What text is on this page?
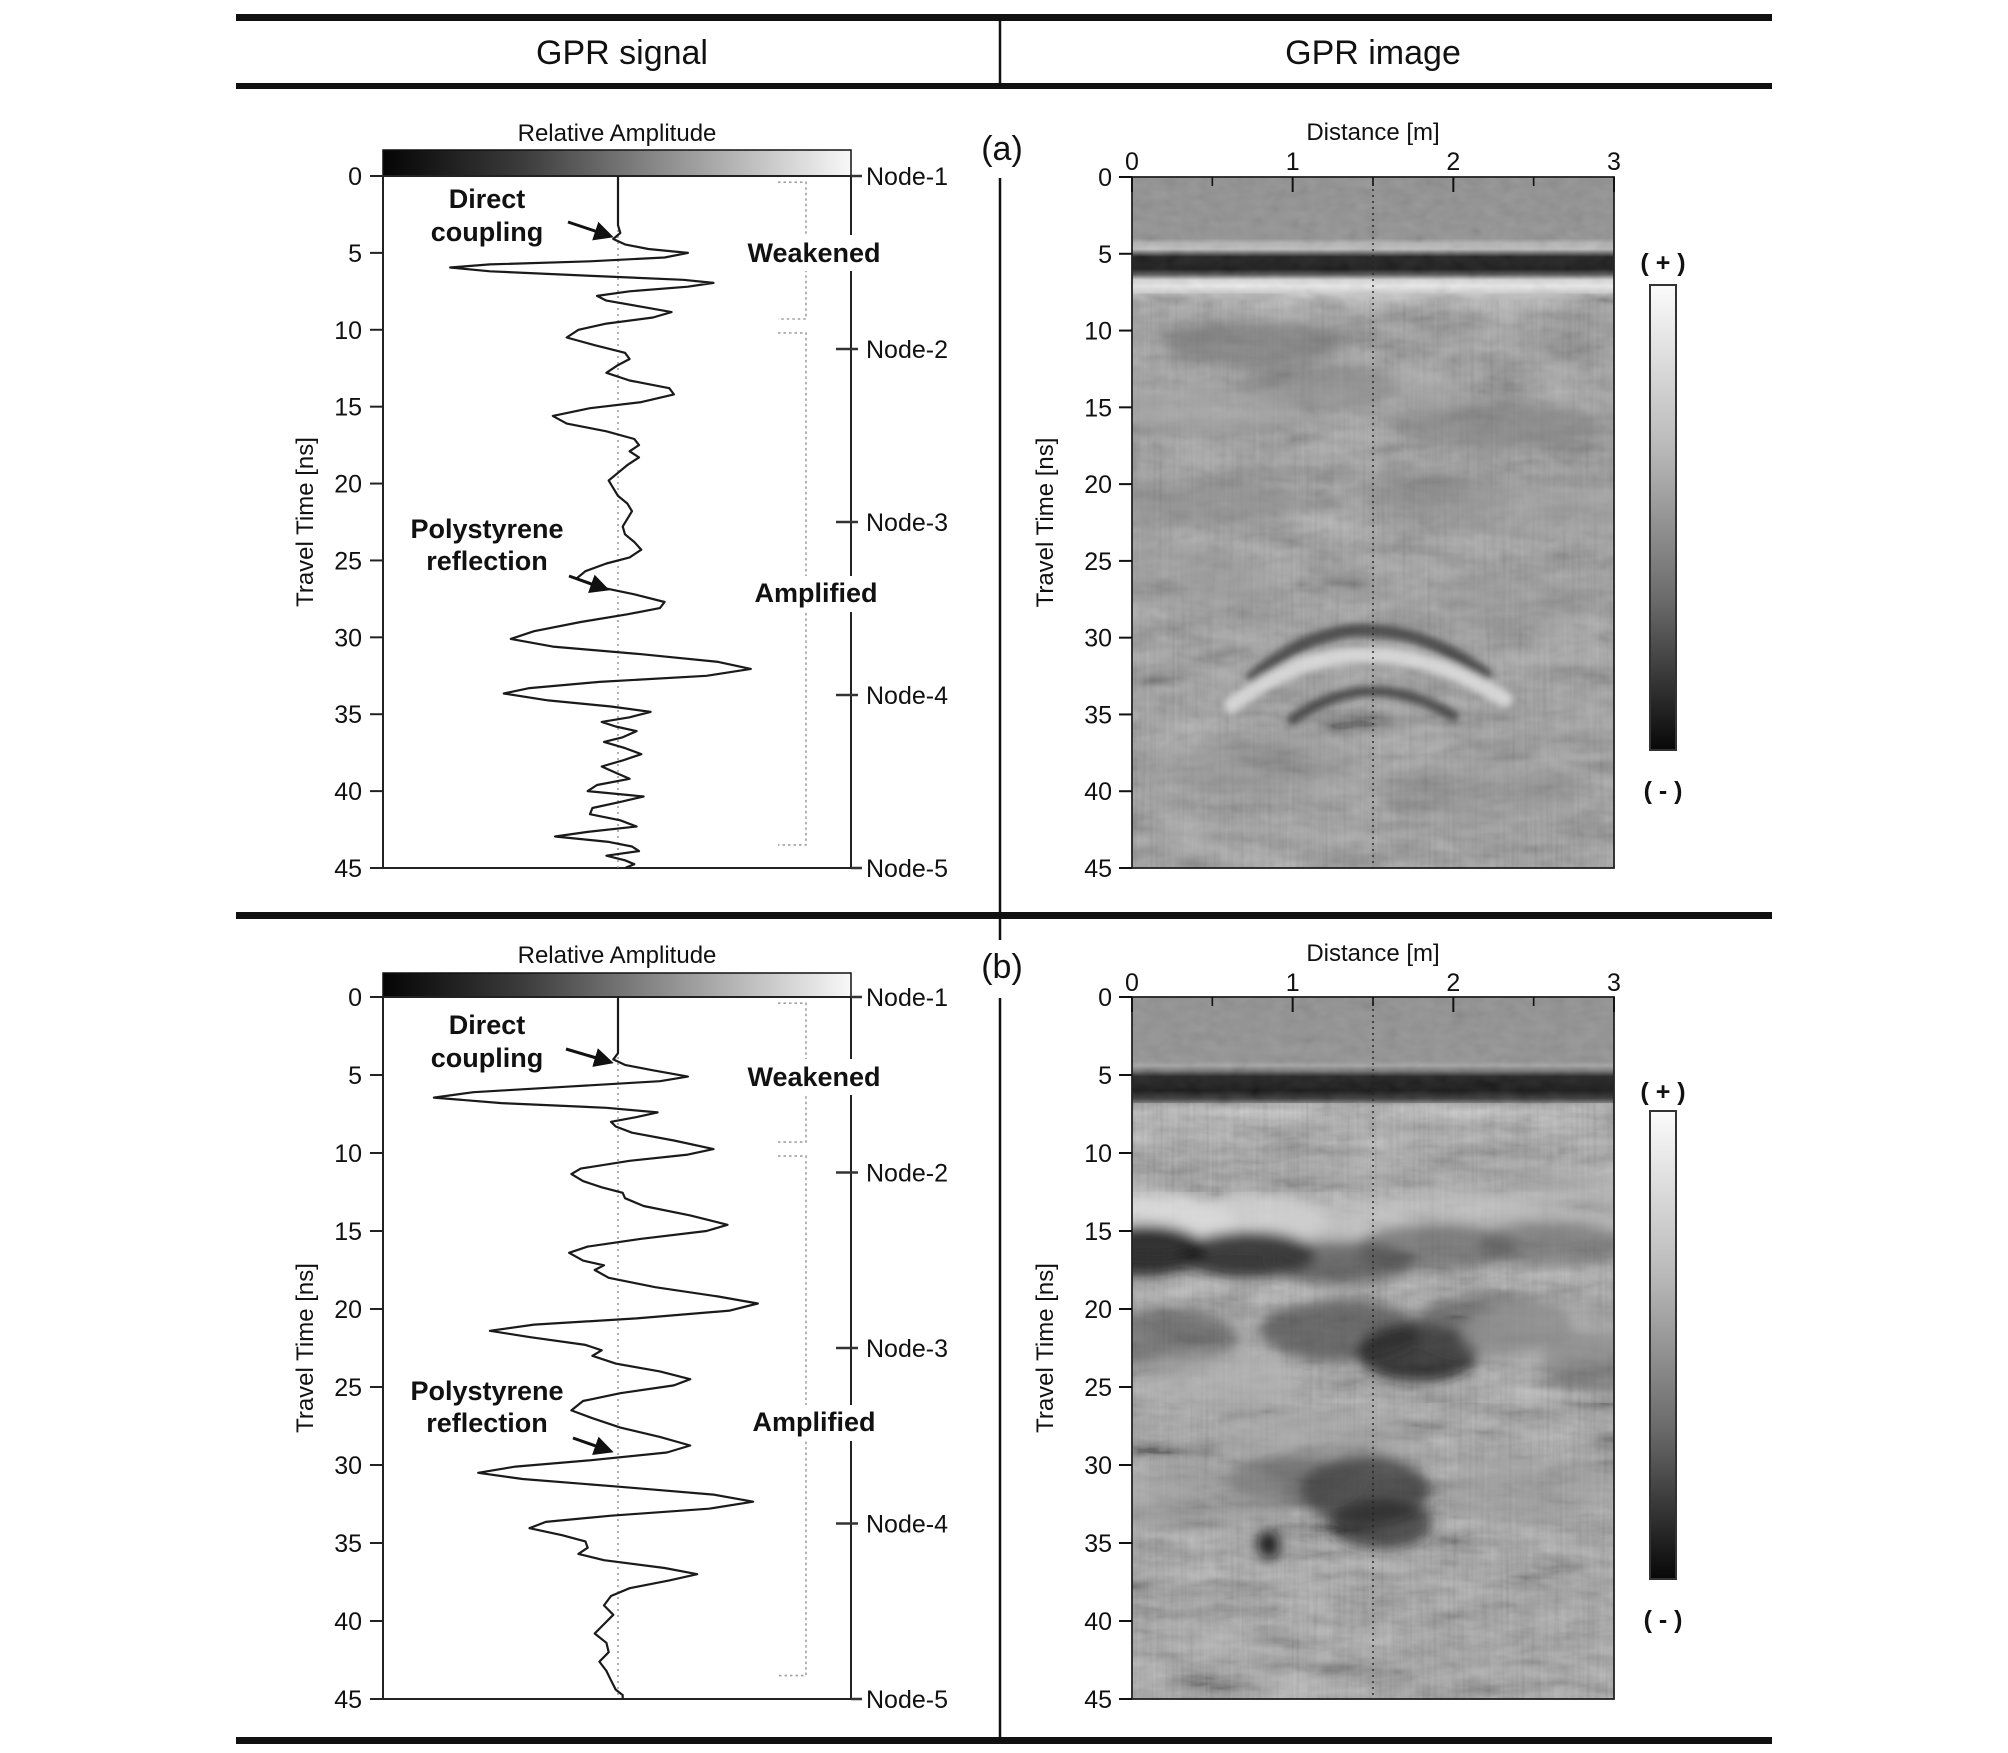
GPR signal	GPR image
(a)
(b)
Relative Amplitude
Travel Time [ns]
0
5
10
15
20
25
30
35
40
45
Direct
coupling
Weakened
Polystyrene
reflection
Amplified
Node-1
Node-2
Node-3
Node-4
Node-5
Distance [m]
0	1	2	3
Travel Time [ns]
0
5
10
15
20
25
30
35
40
45
( + )
( - )
Relative Amplitude
Travel Time [ns]
0
5
10
15
20
25
30
35
40
45
Direct
coupling
Weakened
Polystyrene
reflection	Amplified
Node-1
Node-2
Node-3
Node-4
Node-5
Distance [m]
0	1	2	3
Travel Time [ns]
0
5
10
15
20
25
30
35
40
45
( + )
( - )
